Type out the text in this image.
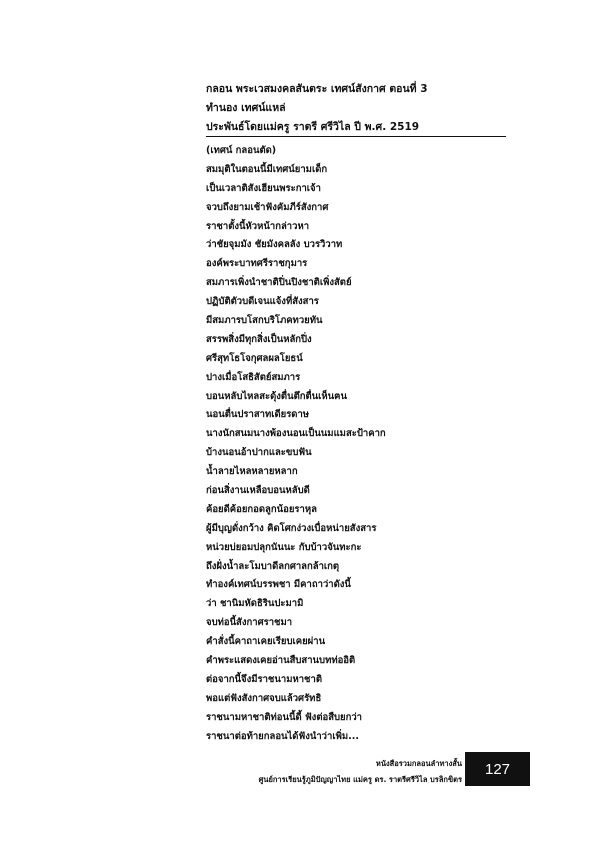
กลอน พระเวสมงคลสันตระ เทศน์สังกาศ ตอนที่ 3
ทำนอง เทศน์แหล่
ประพันธ์โดยแม่ครู ราตรี ศรีวิไล ปี พ.ศ. 2519
(เทศน์ กลอนตัด)
สมมุติในตอนนี้มีเทศน์ยามเด็ก
เป็นเวลาติสังเฮียนพระกาเจ้า
จวบถึงยามเช้าฟังคัมภีร์สังกาศ
ราชาตั้งนี้หัวหน้ากล่าวหา
ว่าชัยจุมมัง ชัยมังคลลัง บวรวิวาท
องค์พระบาทศรีราชกุมาร
สมภารเพิ่งนำชาติปิ่นปิงชาติเพิ่งสัตย์
ปฏิบัติตัวบดีเจนแจ้งที่สังสาร
มีสมภารบโสกบริโภคทวยทัน
สรรพสิ่งมีทุกสิ่งเป็นหลักปิ่ง
ศรีสุทโธโจกุศลผลโยธน์
ปางเมื่อโสธิสัตย์สมภาร
บอนหลับไหลสะดุ้งตื่นตึกตื่นเห็นฅน
นอนตื่นปราสาทเดียรดาษ
นางนักสนมนางพ้องนอนเป็นนมแมสะป้าคาก
บ้างนอนอ้าปากและขบฟัน
น้ำลายไหลหลายหลาก
ก่อนสิ่งานเหลือบอนหลับดี
ค้อยดีค้อยกอดลูกน้อยราหุล
ผู้มีบุญดั่งกว้าง คิดโศกง่วงเบื่อหน่ายสังสาร
หน่วยบ่ยอมปลุกนันนะ กับบ้าวจันทะกะ
ถึงฝั่งน้ำละโมบาดีลกศาลกล้าเกตุ
ทำองค์เทศน์บรรพชา มีคาถาว่าดังนี้
ว่า ชานิมหัดธิรินปะมามิ
จบท่อนี้สังกาศราชมา
คำสั่งนี้คาถาเคยเรียบเคยผ่าน
คำพระแสดงเคยอ่านสืบสานบทท่ออิติ
ต่อจากนี้จึงมีราชนามหาชาติ
พอแต่ฟังสังกาศจบแล้วศรัทธิ
ราชนามหาชาติท่อนนี้ดี้ ฟังต่อสืบยกว่า
ราชนาต่อท้ายกลอนได้ฟังนำว่าเพิ่ม...
หนังสือรวมกลอนลำทางสั้น
ศูนย์การเรียนรู้ภูมิปัญญาไทย แม่ครู ดร. ราตรีศรีวิไล บรลิกขิตร
127
